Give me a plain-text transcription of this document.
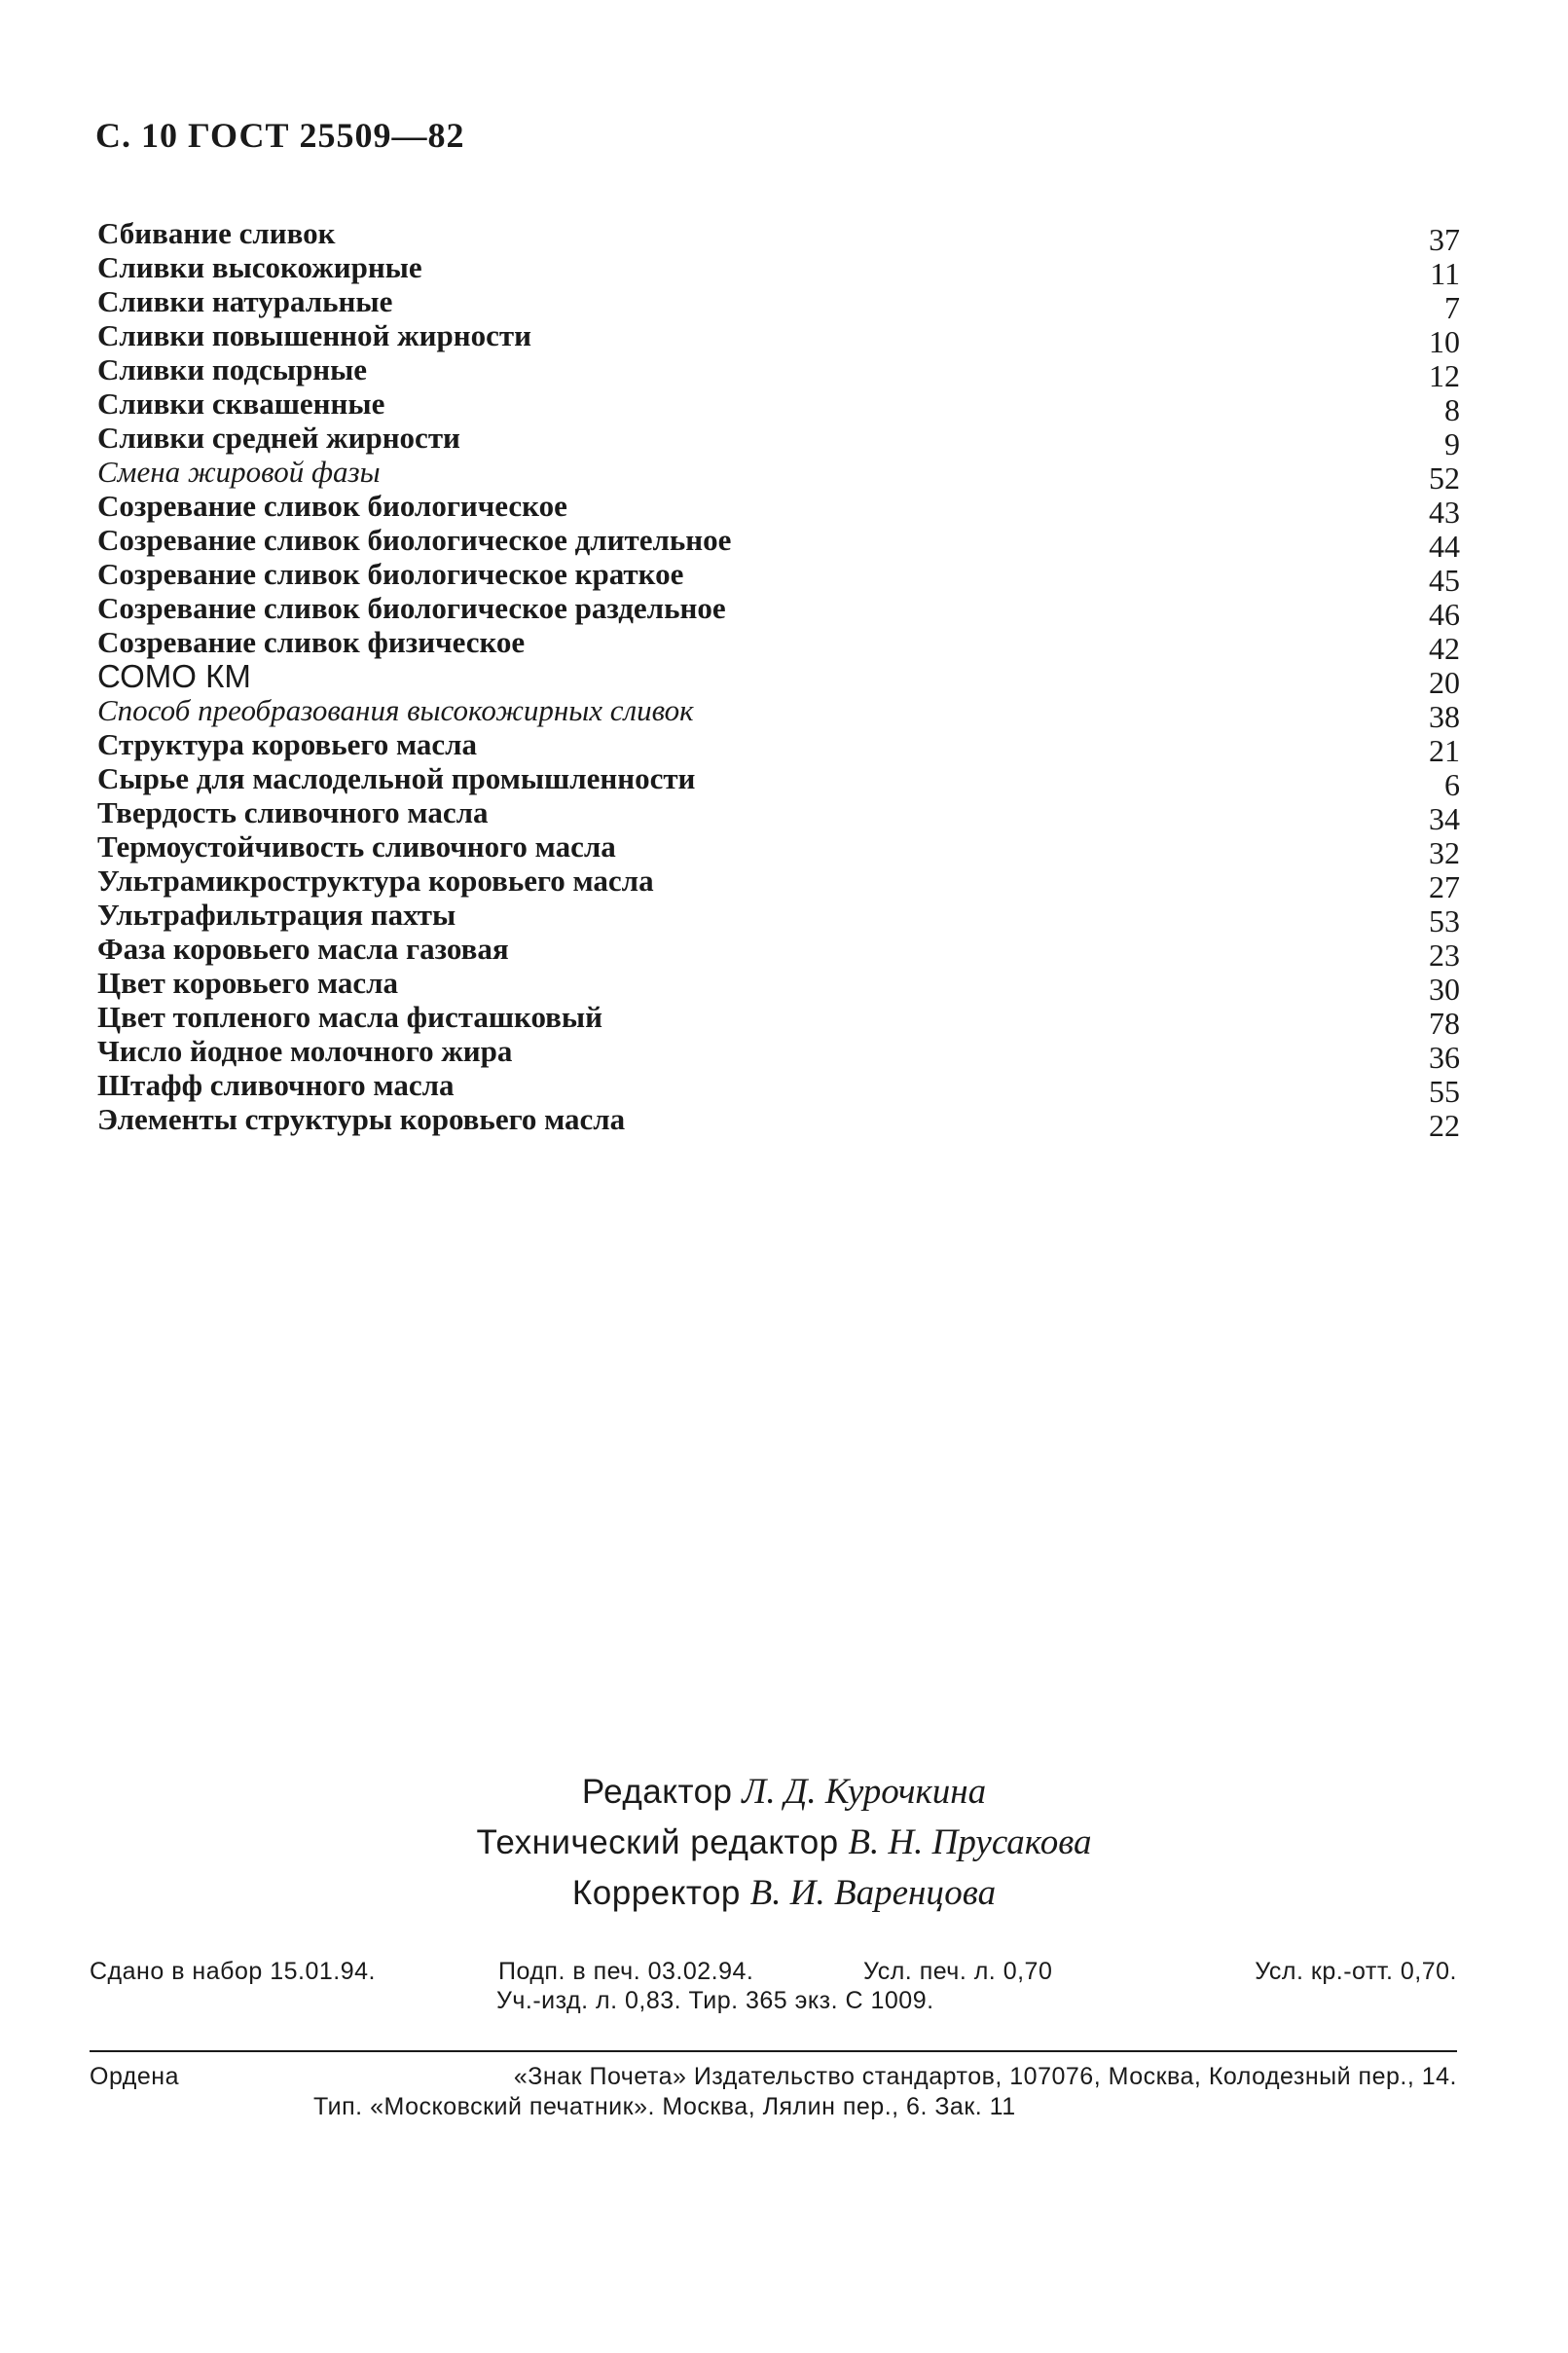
С. 10 ГОСТ 25509—82
Сбивание сливок	37
Сливки высокожирные	11
Сливки натуральные	7
Сливки повышенной жирности	10
Сливки подсырные	12
Сливки сквашенные	8
Сливки средней жирности	9
Смена жировой фазы	52
Созревание сливок биологическое	43
Созревание сливок биологическое длительное	44
Созревание сливок биологическое краткое	45
Созревание сливок биологическое раздельное	46
Созревание сливок физическое	42
СОМО КМ	20
Способ преобразования высокожирных сливок	38
Структура коровьего масла	21
Сырье для маслодельной промышленности	6
Твердость сливочного масла	34
Термоустойчивость сливочного масла	32
Ультрамикроструктура коровьего масла	27
Ультрафильтрация пахты	53
Фаза коровьего масла газовая	23
Цвет коровьего масла	30
Цвет топленого масла фисташковый	78
Число йодное молочного жира	36
Штафф сливочного масла	55
Элементы структуры коровьего масла	22
Редактор Л. Д. Курочкина
Технический редактор В. Н. Прусакова
Корректор В. И. Варенцова
Сдано в набор 15.01.94.	Подп. в печ. 03.02.94.	Усл. печ. л. 0,70	Усл. кр.-отт. 0,70.
Уч.-изд. л. 0,83. Тир. 365 экз. С 1009.
Ордена	«Знак Почета» Издательство стандартов, 107076, Москва, Колодезный пер., 14.
Тип. «Московский печатник». Москва, Лялин пер., 6. Зак. 11
